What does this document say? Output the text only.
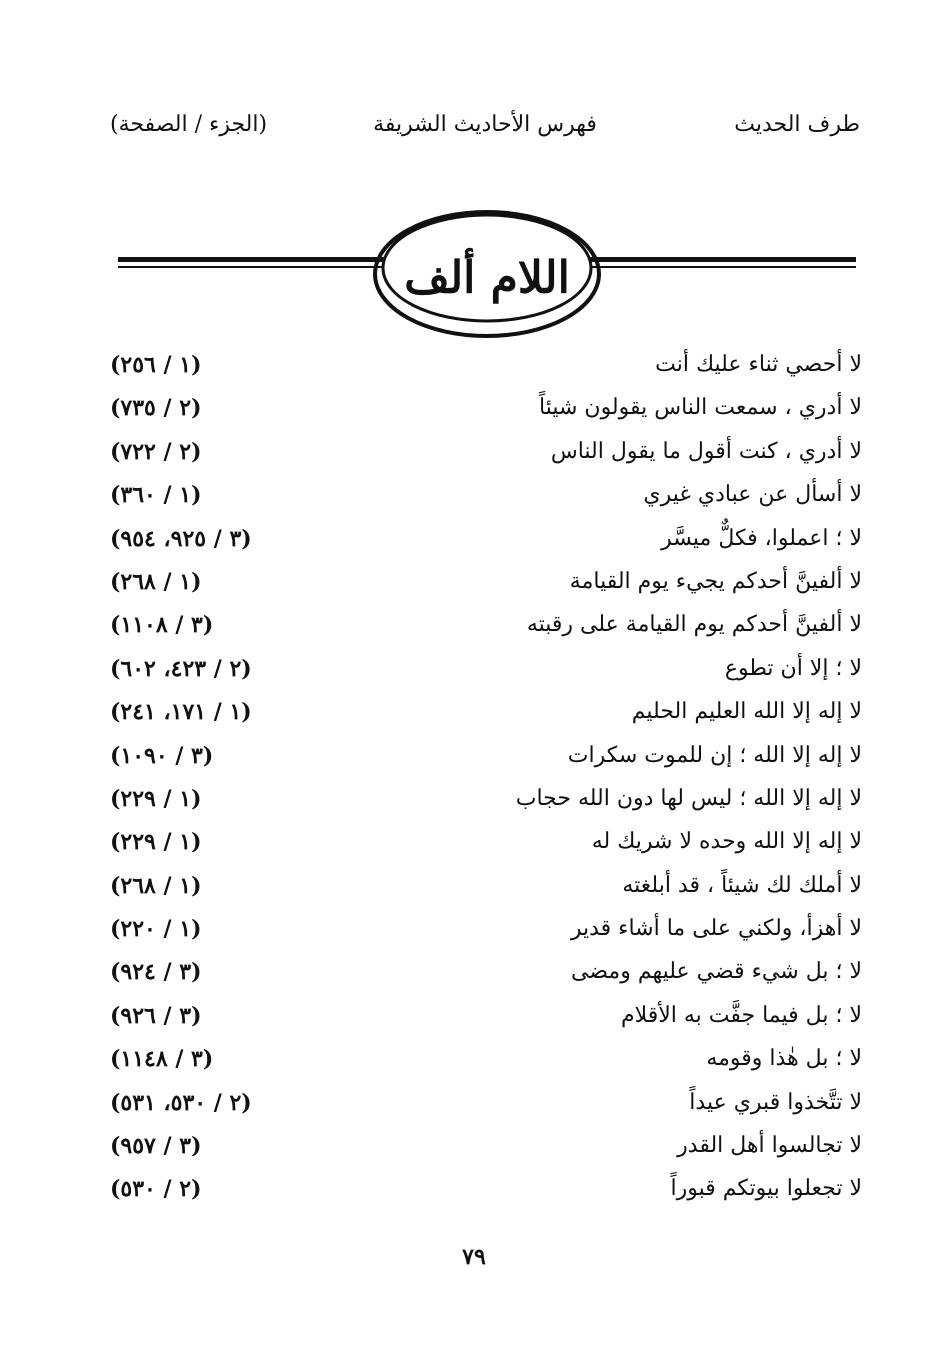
طرف الحديث
فهرس الأحاديث الشريفة
(الجزء / الصفحة)
اللام ألف
لا أحصي ثناء عليك أنت
(١ / ٢٥٦)
لا أدري ، سمعت الناس يقولون شيئاً
(٢ / ٧٣٥)
لا أدري ، كنت أقول ما يقول الناس
(٢ / ٧٢٢)
لا أسأل عن عبادي غيري
(١ / ٣٦٠)
لا ؛ اعملوا، فكلٌّ ميسَّر
(٣ / ٩٢٥، ٩٥٤)
لا ألفينَّ أحدكم يجيء يوم القيامة
(١ / ٢٦٨)
لا ألفينَّ أحدكم يوم القيامة على رقبته
(٣ / ١١٠٨)
لا ؛ إلا أن تطوع
(٢ / ٤٢٣، ٦٠٢)
لا إله إلا الله العليم الحليم
(١ / ١٧١، ٢٤١)
لا إله إلا الله ؛ إن للموت سكرات
(٣ / ١٠٩٠)
لا إله إلا الله ؛ ليس لها دون الله حجاب
(١ / ٢٢٩)
لا إله إلا الله وحده لا شريك له
(١ / ٢٢٩)
لا أملك لك شيئاً ، قد أبلغته
(١ / ٢٦٨)
لا أهزأ، ولكني على ما أشاء قدير
(١ / ٢٢٠)
لا ؛ بل شيء قضي عليهم ومضى
(٣ / ٩٢٤)
لا ؛ بل فيما جفَّت به الأقلام
(٣ / ٩٢٦)
لا ؛ بل هٰذا وقومه
(٣ / ١١٤٨)
لا تتَّخذوا قبري عيداً
(٢ / ٥٣٠، ٥٣١)
لا تجالسوا أهل القدر
(٣ / ٩٥٧)
لا تجعلوا بيوتكم قبوراً
(٢ / ٥٣٠)
٧٩
